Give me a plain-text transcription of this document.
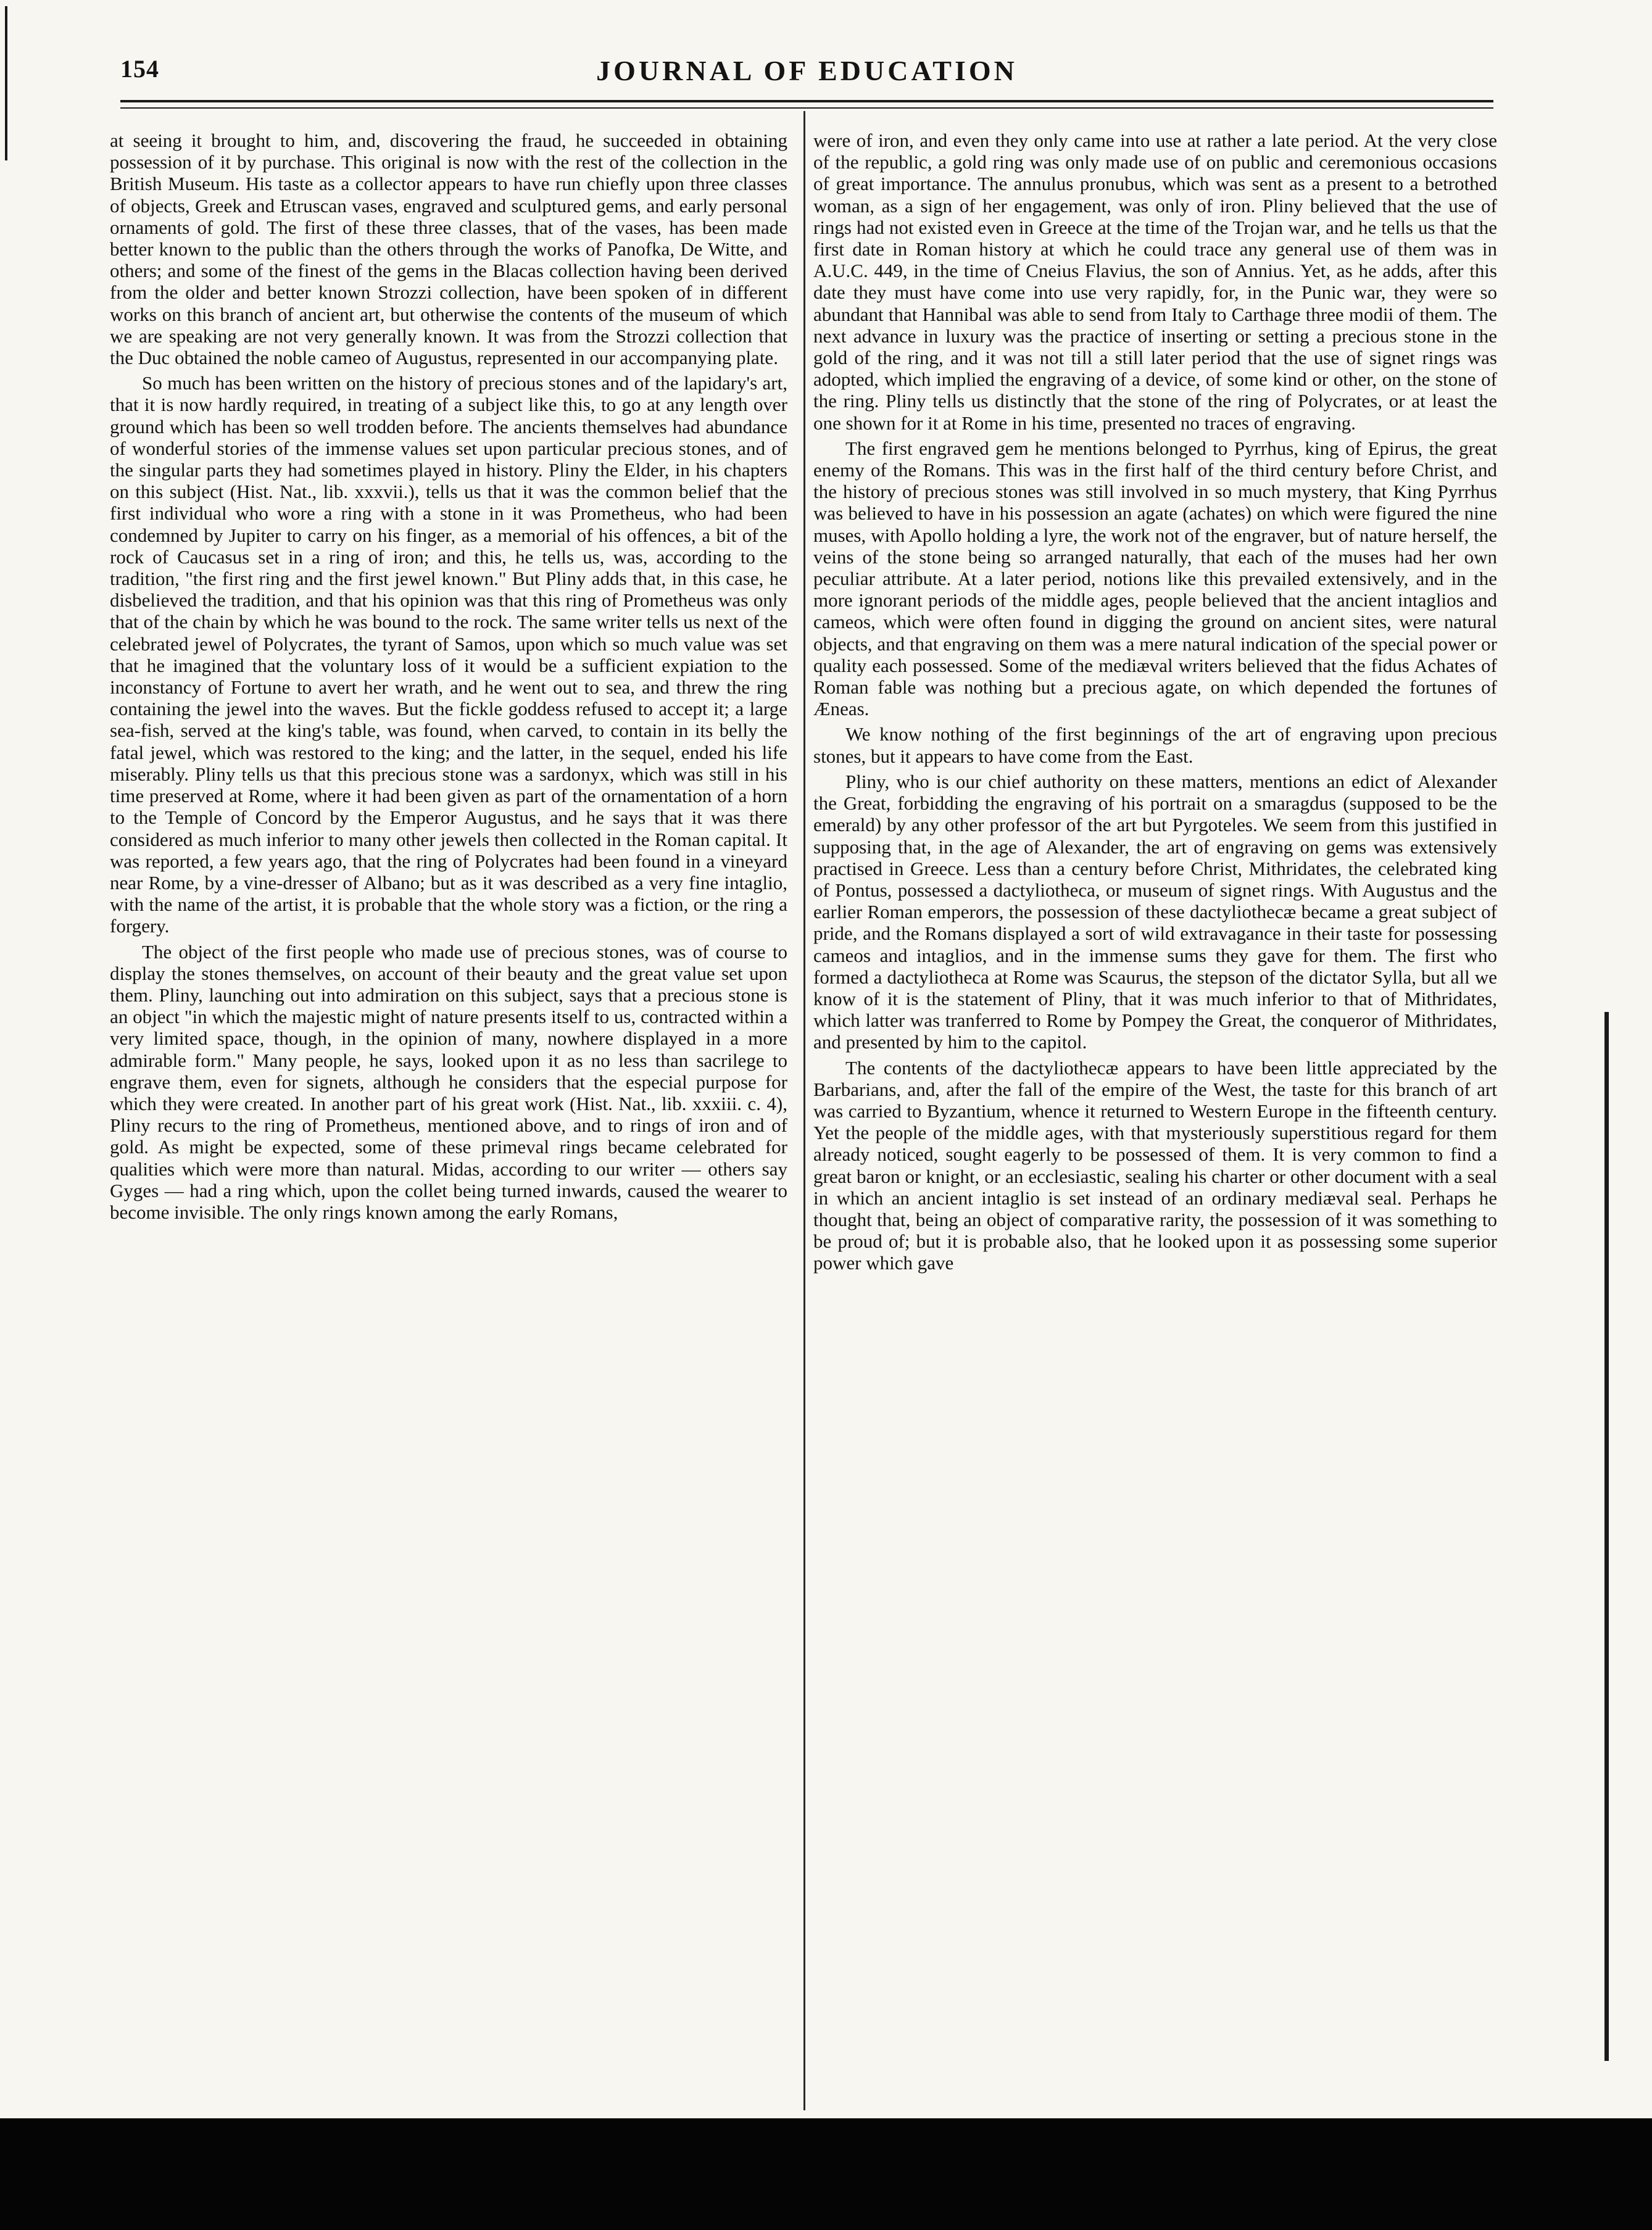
154	JOURNAL OF EDUCATION

at seeing it brought to him, and, discovering the fraud, he succeeded in obtaining possession of it by purchase. This original is now with the rest of the collection in the British Museum. His taste as a collector appears to have run chiefly upon three classes of objects, Greek and Etruscan vases, engraved and sculptured gems, and early personal ornaments of gold. The first of these three classes, that of the vases, has been made better known to the public than the others through the works of Panofka, De Witte, and others; and some of the finest of the gems in the Blacas collection having been derived from the older and better known Strozzi collection, have been spoken of in different works on this branch of ancient art, but otherwise the contents of the museum of which we are speaking are not very generally known. It was from the Strozzi collection that the Duc obtained the noble cameo of Augustus, represented in our accompanying plate.

So much has been written on the history of precious stones and of the lapidary's art, that it is now hardly required, in treating of a subject like this, to go at any length over ground which has been so well trodden before. The ancients themselves had abundance of wonderful stories of the immense values set upon particular precious stones, and of the singular parts they had sometimes played in history. Pliny the Elder, in his chapters on this subject (Hist. Nat., lib. xxxvii.), tells us that it was the common belief that the first individual who wore a ring with a stone in it was Prometheus, who had been condemned by Jupiter to carry on his finger, as a memorial of his offences, a bit of the rock of Caucasus set in a ring of iron; and this, he tells us, was, according to the tradition, "the first ring and the first jewel known." But Pliny adds that, in this case, he disbelieved the tradition, and that his opinion was that this ring of Prometheus was only that of the chain by which he was bound to the rock. The same writer tells us next of the celebrated jewel of Polycrates, the tyrant of Samos, upon which so much value was set that he imagined that the voluntary loss of it would be a sufficient expiation to the inconstancy of Fortune to avert her wrath, and he went out to sea, and threw the ring containing the jewel into the waves. But the fickle goddess refused to accept it; a large sea-fish, served at the king's table, was found, when carved, to contain in its belly the fatal jewel, which was restored to the king; and the latter, in the sequel, ended his life miserably. Pliny tells us that this precious stone was a sardonyx, which was still in his time preserved at Rome, where it had been given as part of the ornamentation of a horn to the Temple of Concord by the Emperor Augustus, and he says that it was there considered as much inferior to many other jewels then collected in the Roman capital. It was reported, a few years ago, that the ring of Polycrates had been found in a vineyard near Rome, by a vine-dresser of Albano; but as it was described as a very fine intaglio, with the name of the artist, it is probable that the whole story was a fiction, or the ring a forgery.

The object of the first people who made use of precious stones, was of course to display the stones themselves, on account of their beauty and the great value set upon them. Pliny, launching out into admiration on this subject, says that a precious stone is an object "in which the majestic might of nature presents itself to us, contracted within a very limited space, though, in the opinion of many, nowhere displayed in a more admirable form." Many people, he says, looked upon it as no less than sacrilege to engrave them, even for signets, although he considers that the especial purpose for which they were created. In another part of his great work (Hist. Nat., lib. xxxiii. c. 4), Pliny recurs to the ring of Prometheus, mentioned above, and to rings of iron and of gold. As might be expected, some of these primeval rings became celebrated for qualities which were more than natural. Midas, according to our writer — others say Gyges — had a ring which, upon the collet being turned inwards, caused the wearer to become invisible. The only rings known among the early Romans,

were of iron, and even they only came into use at rather a late period. At the very close of the republic, a gold ring was only made use of on public and ceremonious occasions of great importance. The annulus pronubus, which was sent as a present to a betrothed woman, as a sign of her engagement, was only of iron. Pliny believed that the use of rings had not existed even in Greece at the time of the Trojan war, and he tells us that the first date in Roman history at which he could trace any general use of them was in A.U.C. 449, in the time of Cneius Flavius, the son of Annius. Yet, as he adds, after this date they must have come into use very rapidly, for, in the Punic war, they were so abundant that Hannibal was able to send from Italy to Carthage three modii of them. The next advance in luxury was the practice of inserting or setting a precious stone in the gold of the ring, and it was not till a still later period that the use of signet rings was adopted, which implied the engraving of a device, of some kind or other, on the stone of the ring. Pliny tells us distinctly that the stone of the ring of Polycrates, or at least the one shown for it at Rome in his time, presented no traces of engraving.

The first engraved gem he mentions belonged to Pyrrhus, king of Epirus, the great enemy of the Romans. This was in the first half of the third century before Christ, and the history of precious stones was still involved in so much mystery, that King Pyrrhus was believed to have in his possession an agate (achates) on which were figured the nine muses, with Apollo holding a lyre, the work not of the engraver, but of nature herself, the veins of the stone being so arranged naturally, that each of the muses had her own peculiar attribute. At a later period, notions like this prevailed extensively, and in the more ignorant periods of the middle ages, people believed that the ancient intaglios and cameos, which were often found in digging the ground on ancient sites, were natural objects, and that engraving on them was a mere natural indication of the special power or quality each possessed. Some of the mediæval writers believed that the fidus Achates of Roman fable was nothing but a precious agate, on which depended the fortunes of Æneas.

We know nothing of the first beginnings of the art of engraving upon precious stones, but it appears to have come from the East.

Pliny, who is our chief authority on these matters, mentions an edict of Alexander the Great, forbidding the engraving of his portrait on a smaragdus (supposed to be the emerald) by any other professor of the art but Pyrgoteles. We seem from this justified in supposing that, in the age of Alexander, the art of engraving on gems was extensively practised in Greece. Less than a century before Christ, Mithridates, the celebrated king of Pontus, possessed a dactyliotheca, or museum of signet rings. With Augustus and the earlier Roman emperors, the possession of these dactyliothecæ became a great subject of pride, and the Romans displayed a sort of wild extravagance in their taste for possessing cameos and intaglios, and in the immense sums they gave for them. The first who formed a dactyliotheca at Rome was Scaurus, the stepson of the dictator Sylla, but all we know of it is the statement of Pliny, that it was much inferior to that of Mithridates, which latter was tranferred to Rome by Pompey the Great, the conqueror of Mithridates, and presented by him to the capitol.

The contents of the dactyliothecæ appears to have been little appreciated by the Barbarians, and, after the fall of the empire of the West, the taste for this branch of art was carried to Byzantium, whence it returned to Western Europe in the fifteenth century. Yet the people of the middle ages, with that mysteriously superstitious regard for them already noticed, sought eagerly to be possessed of them. It is very common to find a great baron or knight, or an ecclesiastic, sealing his charter or other document with a seal in which an ancient intaglio is set instead of an ordinary mediæval seal. Perhaps he thought that, being an object of comparative rarity, the possession of it was something to be proud of; but it is probable also, that he looked upon it as possessing some superior power which gave
